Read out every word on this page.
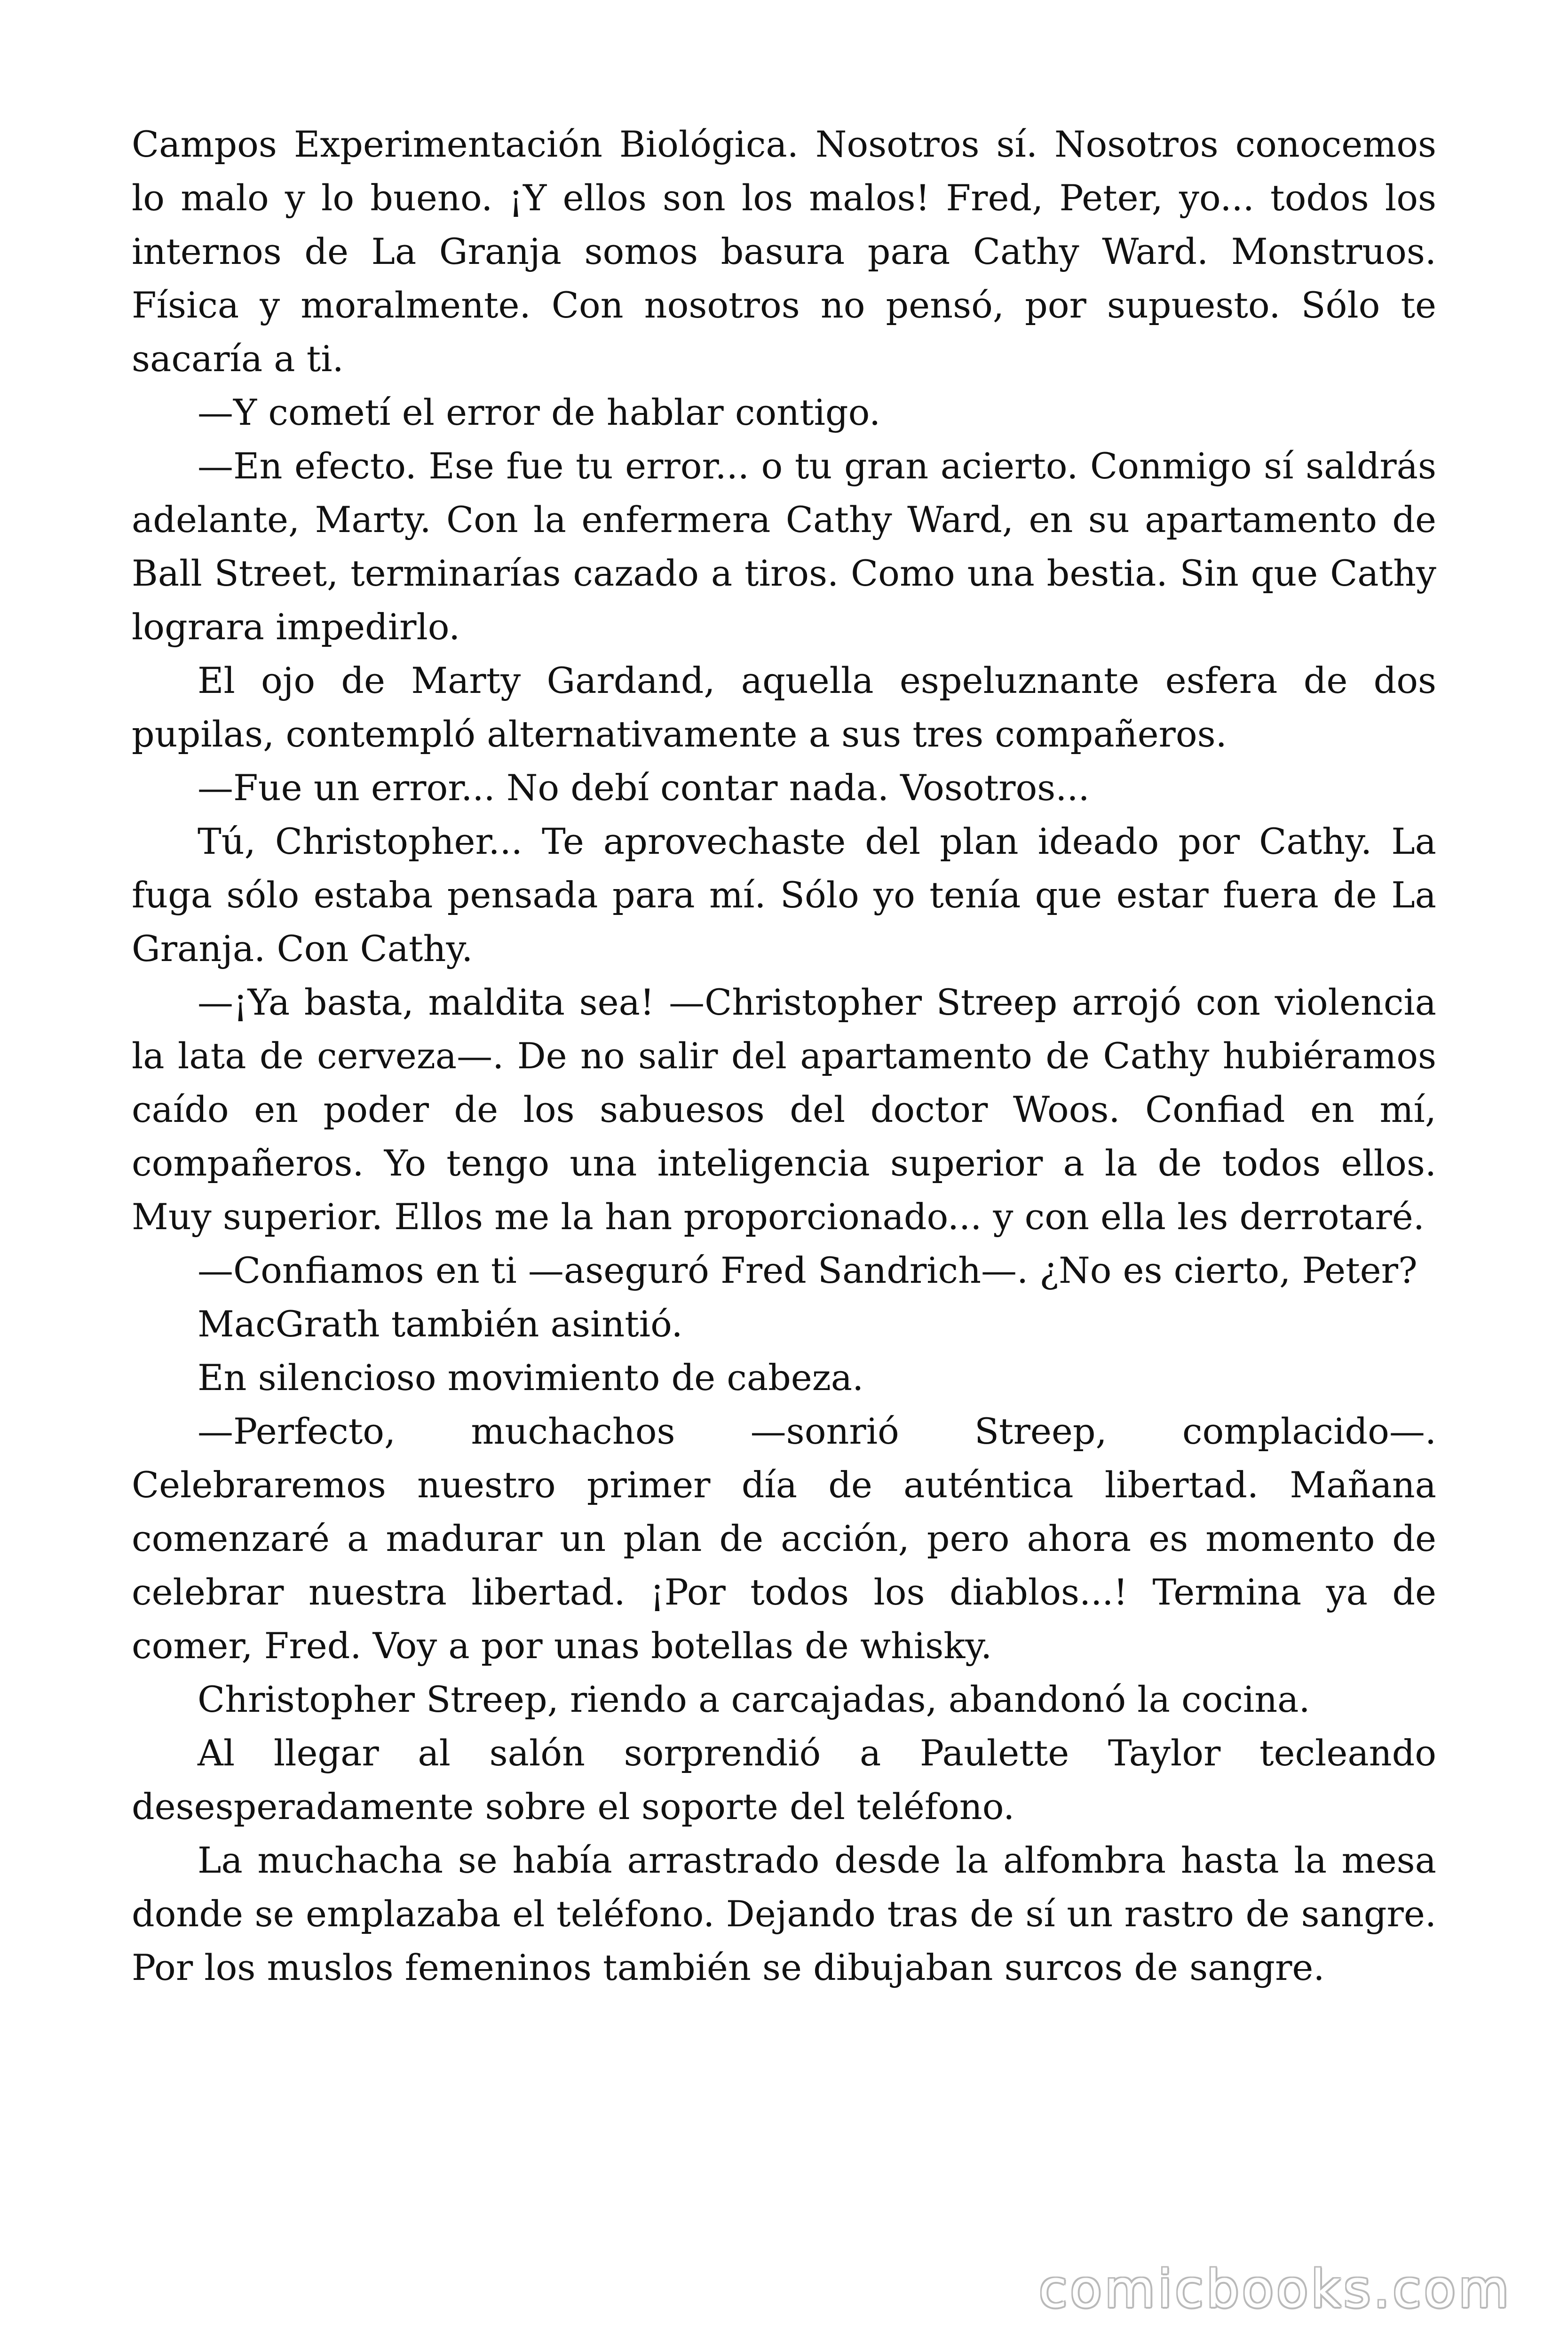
Campos Experimentación Biológica. Nosotros sí. Nosotros conocemos lo malo y lo bueno. ¡Y ellos son los malos! Fred, Peter, yo... todos los internos de La Granja somos basura para Cathy Ward. Monstruos. Física y moralmente. Con nosotros no pensó, por supuesto. Sólo te sacaría a ti.

—Y cometí el error de hablar contigo.

—En efecto. Ese fue tu error... o tu gran acierto. Conmigo sí saldrás adelante, Marty. Con la enfermera Cathy Ward, en su apartamento de Ball Street, terminarías cazado a tiros. Como una bestia. Sin que Cathy lograra impedirlo.

El ojo de Marty Gardand, aquella espeluznante esfera de dos pupilas, contempló alternativamente a sus tres compañeros.

—Fue un error... No debí contar nada. Vosotros...

Tú, Christopher... Te aprovechaste del plan ideado por Cathy. La fuga sólo estaba pensada para mí. Sólo yo tenía que estar fuera de La Granja. Con Cathy.

—¡Ya basta, maldita sea! —Christopher Streep arrojó con violencia la lata de cerveza—. De no salir del apartamento de Cathy hubiéramos caído en poder de los sabuesos del doctor Woos. Confiad en mí, compañeros. Yo tengo una inteligencia superior a la de todos ellos. Muy superior. Ellos me la han proporcionado... y con ella les derrotaré.

—Confiamos en ti —aseguró Fred Sandrich—. ¿No es cierto, Peter?

MacGrath también asintió.

En silencioso movimiento de cabeza.

—Perfecto, muchachos —sonrió Streep, complacido—. Celebraremos nuestro primer día de auténtica libertad. Mañana comenzaré a madurar un plan de acción, pero ahora es momento de celebrar nuestra libertad. ¡Por todos los diablos...! Termina ya de comer, Fred. Voy a por unas botellas de whisky.

Christopher Streep, riendo a carcajadas, abandonó la cocina.

Al llegar al salón sorprendió a Paulette Taylor tecleando desesperadamente sobre el soporte del teléfono.

La muchacha se había arrastrado desde la alfombra hasta la mesa donde se emplazaba el teléfono. Dejando tras de sí un rastro de sangre. Por los muslos femeninos también se dibujaban surcos de sangre.

comicbooks.com
